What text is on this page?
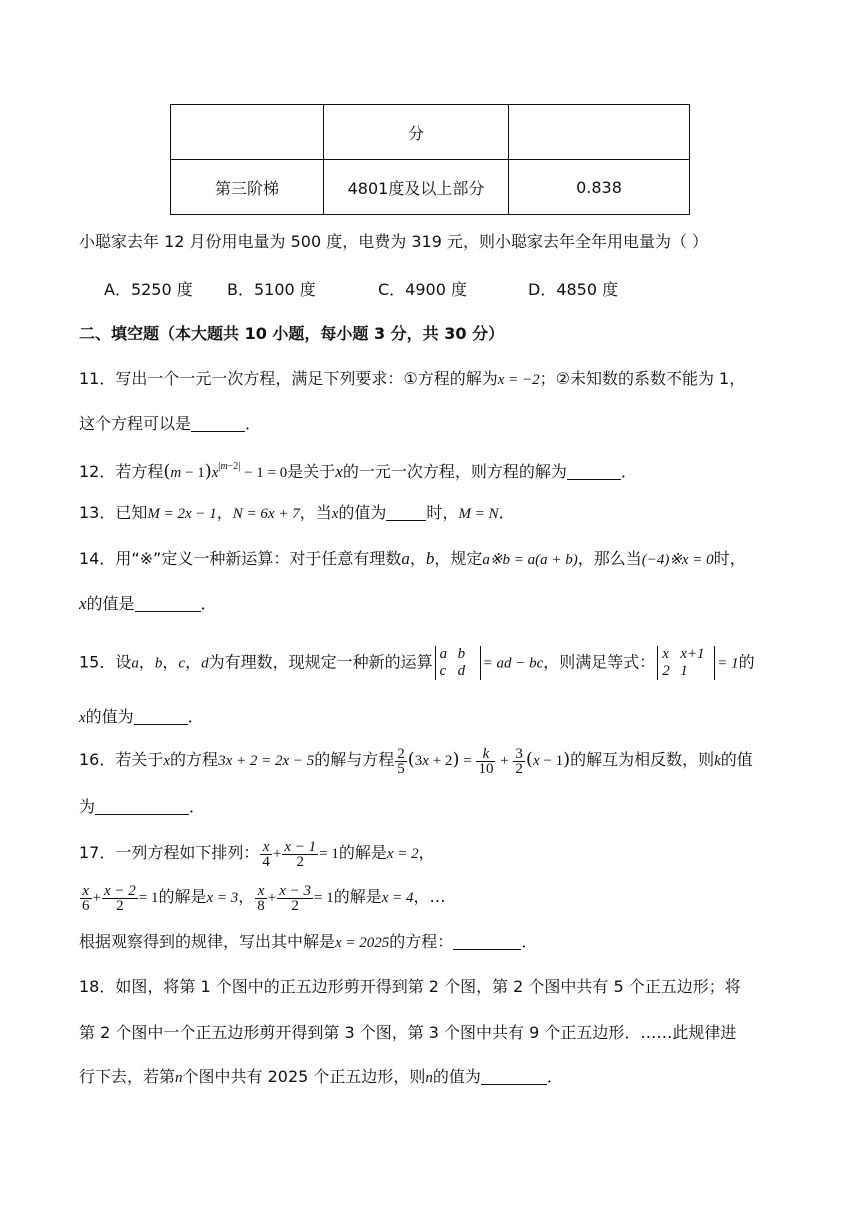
	分	
第三阶梯	4801度及以上部分	0.838
小聪家去年 12 月份用电量为 500 度，电费为 319 元，则小聪家去年全年用电量为（ ）
A．5250 度 B．5100 度	C．4900 度	D．4850 度
二、填空题（本大题共 10 小题，每小题 3 分，共 30 分）
11．写出一个一元一次方程，满足下列要求：①方程的解为x = −2；②未知数的系数不能为 1，
这个方程可以是	．
12．若方程$(m - 1)x^{|m-2|} - 1 = 0$是关于x的一元一次方程，则方程的解为	．
13．已知M = 2x − 1，N = 6x + 7，当x的值为	时，M = N．
14．用“※”定义一种新运算：对于任意有理数a，b，规定a※b = a(a + b)，那么当(−4)※x = 0时，
x的值是	．
15．设a，b，c，d为有理数，现规定一种新的运算 a b
c d = ad − bc，则满足等式： x x+1
2 1 = 1的
x的值为	．
16．若关于x的方程3x + 2 = 2x − 5的解与方程 $\frac{2}{5} (3x + 2) = \frac{k}{10} + \frac{3}{2} (x - 1)$的解互为相反数，则k的值
为	．
17．一列方程如下排列： $\frac{x}{4} + \frac{x - 1}{2} = 1$的解是x = 2，
$\frac{x}{6} + \frac{x - 2}{2} = 1$的解是x = 3， $\frac{x}{8} + \frac{x - 3}{2} = 1$的解是x = 4，…
根据观察得到的规律，写出其中解是x = 2025的方程：	．
18．如图，将第 1 个图中的正五边形剪开得到第 2 个图，第 2 个图中共有 5 个正五边形；将
第 2 个图中一个正五边形剪开得到第 3 个图，第 3 个图中共有 9 个正五边形．……此规律进
行下去，若第n个图中共有 2025 个正五边形，则n的值为	．
